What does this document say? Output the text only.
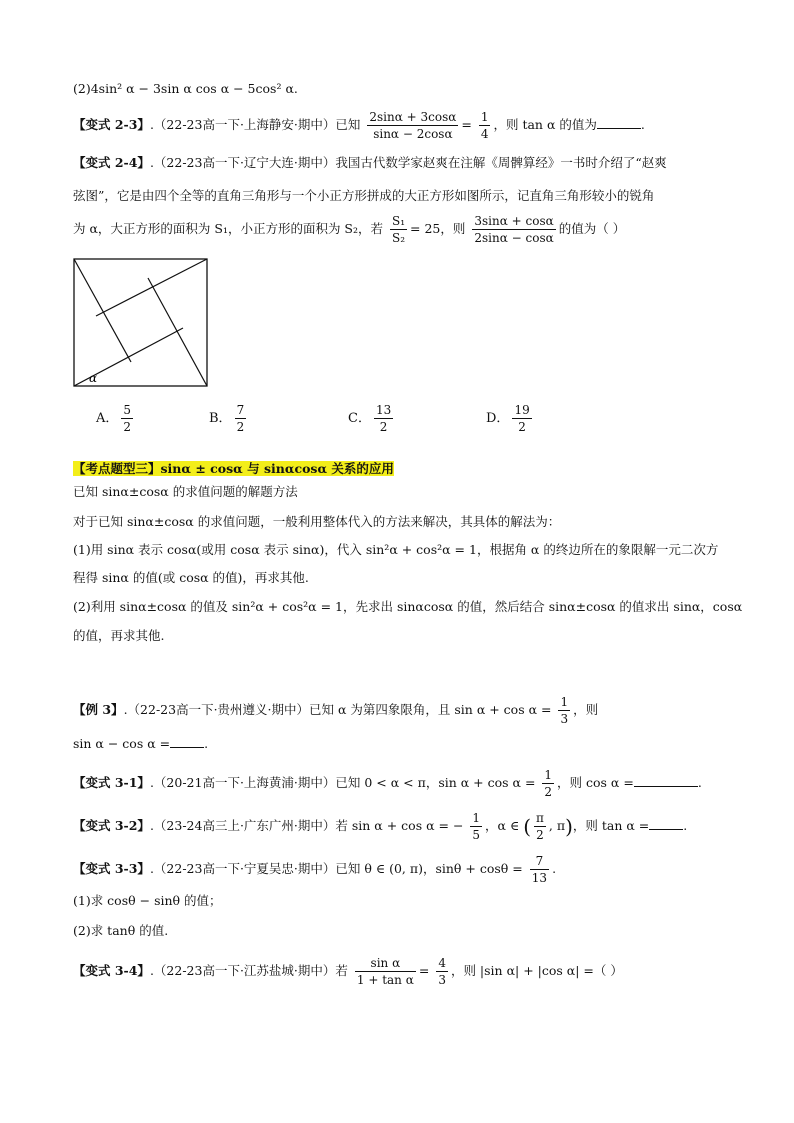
(2)4sin² α − 3sin α cos α − 5cos² α.
【变式 2-3】.（22-23高一下·上海静安·期中）已知 $\frac{2\sin\alpha + 3\cos\alpha}{\sin\alpha - 2\cos\alpha} = \frac{1}{4}$ ，则 tan α 的值为	.
【变式 2-4】.（22-23高一下·辽宁大连·期中）我国古代数学家赵爽在注解《周髀算经》一书时介绍了“赵爽
弦图”，它是由四个全等的直角三角形与一个小正方形拼成的大正方形如图所示，记直角三角形较小的锐角
为 α，大正方形的面积为 S₁，小正方形的面积为 S₂，若 $\frac{\text{S₁}}{\text{S₂}} = 25$，则 $\frac{3\sin\alpha + \cos\alpha}{2\sin\alpha - \cos\alpha}$ 的值为（ ）
α
A． $\frac{5}{2}$	B． $\frac{7}{2}$	C． $\frac{13}{2}$	D． $\frac{19}{2}$
【考点题型三】sinα ± cosα 与 sinαcosα 关系的应用
已知 sinα±cosα 的求值问题的解题方法
对于已知 sinα±cosα 的求值问题，一般利用整体代入的方法来解决，其具体的解法为：
(1)用 sinα 表示 cosα(或用 cosα 表示 sinα)，代入 sin²α + cos²α = 1，根据角 α 的终边所在的象限解一元二次方
程得 sinα 的值(或 cosα 的值)，再求其他.
(2)利用 sinα±cosα 的值及 sin²α + cos²α = 1，先求出 sinαcosα 的值，然后结合 sinα±cosα 的值求出 sinα，cosα
的值，再求其他.
【例 3】.（22-23高一下·贵州遵义·期中）已知 α 为第四象限角，且 $\sin \alpha + \cos \alpha = \frac{1}{3}$ ，则
sin α − cos α =	.
【变式 3-1】.（20-21高一下·上海黄浦·期中）已知 0 < α < π，$\sin \alpha + \cos \alpha = \frac{1}{2}$ ，则 cos α =	.
【变式 3-2】.（23-24高三上·广东广州·期中）若 sin α + cos α = − $\frac{1}{5}$ ，α ∈ ( $\frac{\pi}{2}$ , π)，则 tan α =	.
【变式 3-3】.（22-23高一下·宁夏吴忠·期中）已知 θ ∈ (0, π)，$\sin\theta + \cos\theta = \frac{7}{13}$ .
(1)求 cosθ − sinθ 的值；
(2)求 tanθ 的值.
【变式 3-4】.（22-23高一下·江苏盐城·期中）若 $\frac{\text{sin α}}{\text{1 + tan α}} = \frac{4}{3}$ ，则 |sin α| + |cos α| =（ ）
